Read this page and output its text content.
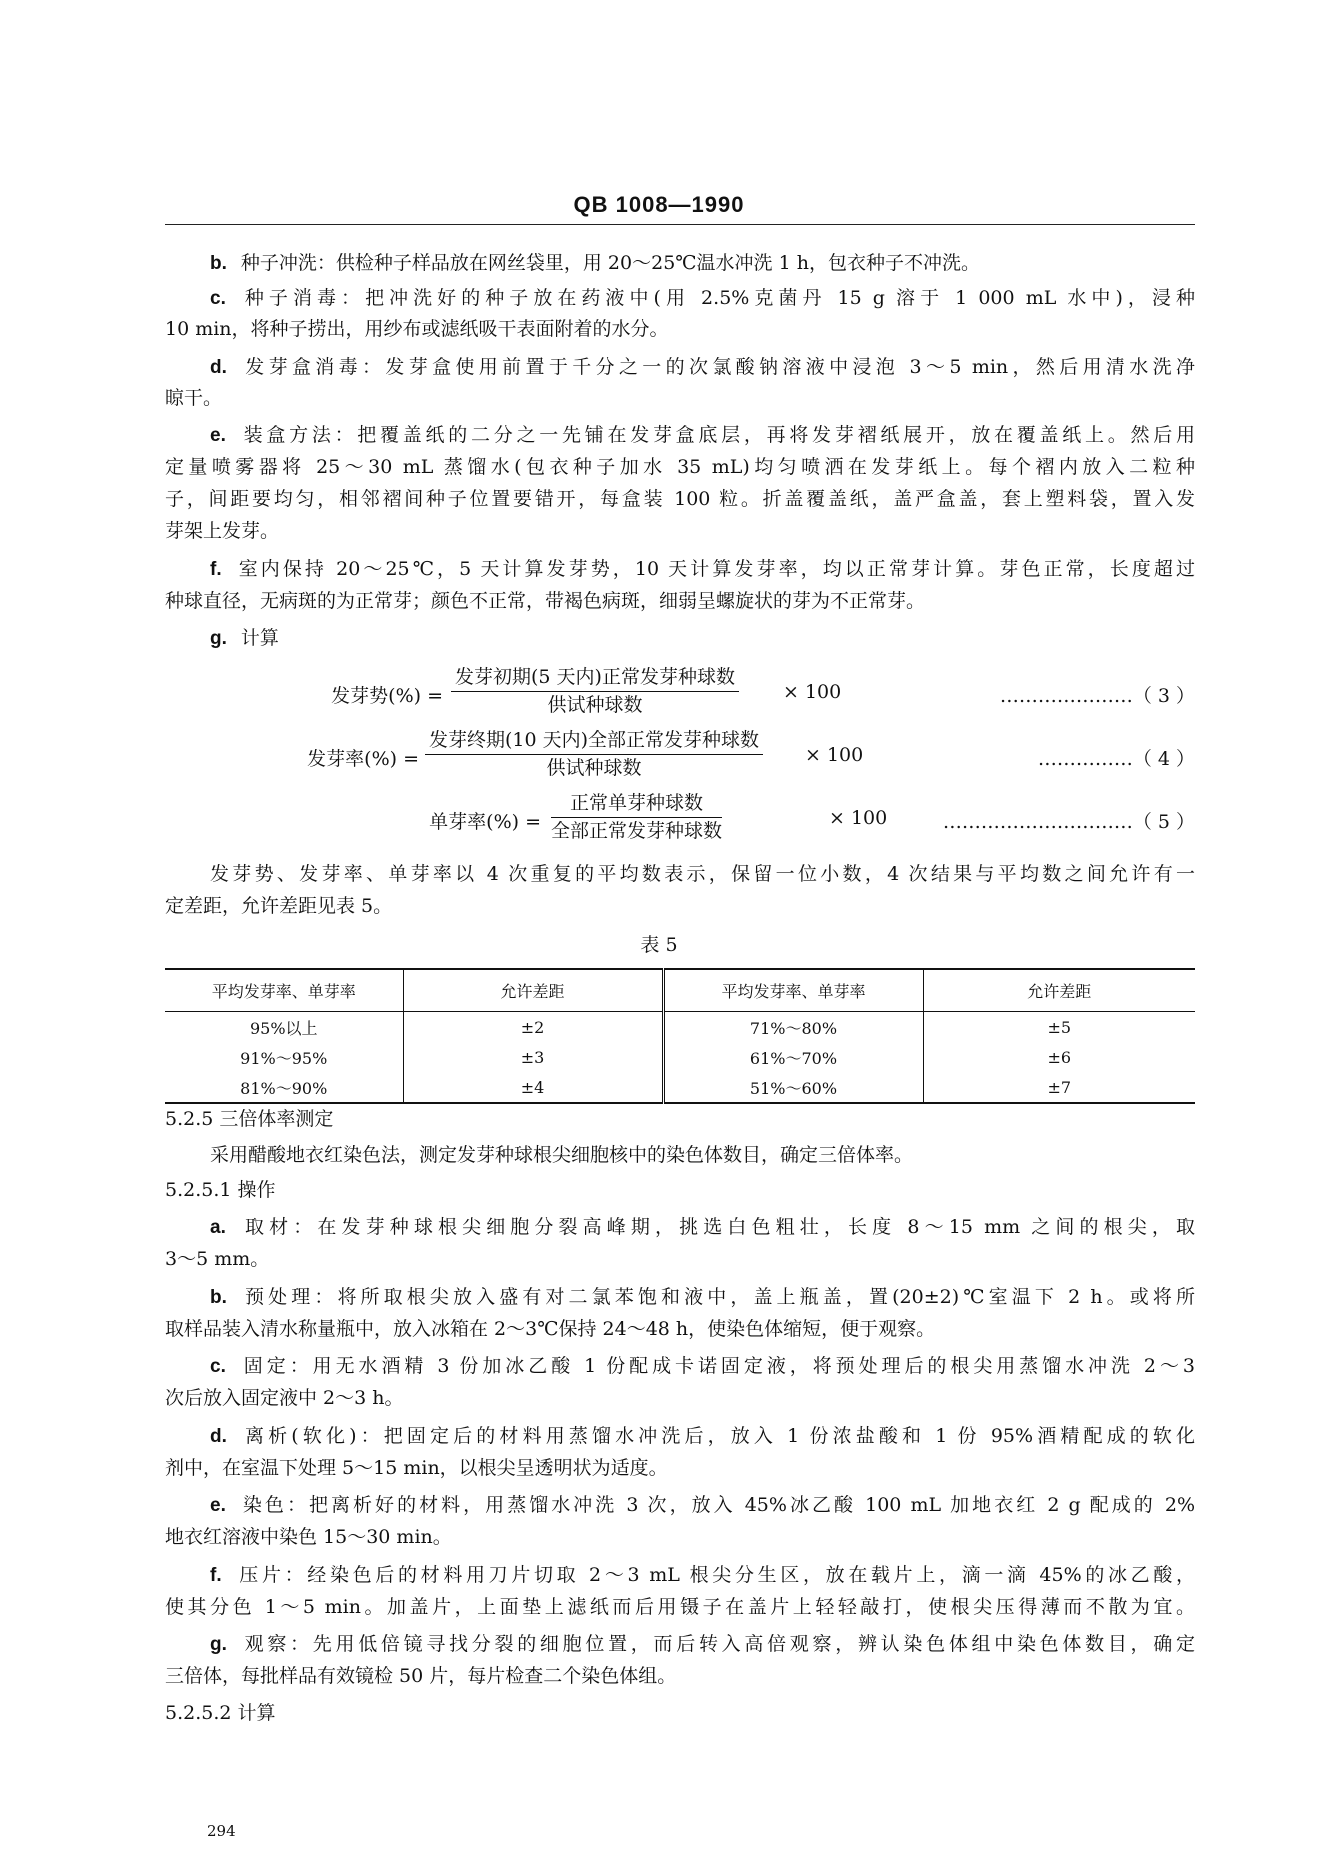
QB 1008—1990
b. 种子冲洗：供检种子样品放在网丝袋里，用 20～25℃温水冲洗 1 h，包衣种子不冲洗。
c. 种子消毒：把冲洗好的种子放在药液中(用 2.5%克菌丹 15 g 溶于 1 000 mL 水中)，浸种
10 min，将种子捞出，用纱布或滤纸吸干表面附着的水分。
d. 发芽盒消毒：发芽盒使用前置于千分之一的次氯酸钠溶液中浸泡 3～5 min，然后用清水洗净
晾干。
e. 装盒方法：把覆盖纸的二分之一先铺在发芽盒底层，再将发芽褶纸展开，放在覆盖纸上。然后用
定量喷雾器将 25～30 mL 蒸馏水(包衣种子加水 35 mL)均匀喷洒在发芽纸上。每个褶内放入二粒种
子，间距要均匀，相邻褶间种子位置要错开，每盒装 100 粒。折盖覆盖纸，盖严盒盖，套上塑料袋，置入发
芽架上发芽。
f. 室内保持 20～25℃，5 天计算发芽势，10 天计算发芽率，均以正常芽计算。芽色正常，长度超过
种球直径，无病斑的为正常芽；颜色不正常，带褐色病斑，细弱呈螺旋状的芽为不正常芽。
g. 计算
发芽势(%) =
发芽初期(5 天内)正常发芽种球数
供试种球数
× 100	…………………（ 3 ）
发芽率(%) =
发芽终期(10 天内)全部正常发芽种球数
供试种球数
× 100	……………（ 4 ）
单芽率(%) =
正常单芽种球数
全部正常发芽种球数
× 100	…………………………（ 5 ）
发芽势、发芽率、单芽率以 4 次重复的平均数表示，保留一位小数，4 次结果与平均数之间允许有一
定差距，允许差距见表 5。
表 5
平均发芽率、单芽率	允许差距	平均发芽率、单芽率	允许差距
95%以上	±2	71%～80%	±5
91%～95%	±3	61%～70%	±6
81%～90%	±4	51%～60%	±7
5.2.5 三倍体率测定
采用醋酸地衣红染色法，测定发芽种球根尖细胞核中的染色体数目，确定三倍体率。
5.2.5.1 操作
a. 取材：在发芽种球根尖细胞分裂高峰期，挑选白色粗壮，长度 8～15 mm 之间的根尖，取
3～5 mm。
b. 预处理：将所取根尖放入盛有对二氯苯饱和液中，盖上瓶盖，置(20±2)℃室温下 2 h。或将所
取样品装入清水称量瓶中，放入冰箱在 2～3℃保持 24～48 h，使染色体缩短，便于观察。
c. 固定：用无水酒精 3 份加冰乙酸 1 份配成卡诺固定液，将预处理后的根尖用蒸馏水冲洗 2～3
次后放入固定液中 2～3 h。
d. 离析(软化)：把固定后的材料用蒸馏水冲洗后，放入 1 份浓盐酸和 1 份 95%酒精配成的软化
剂中，在室温下处理 5～15 min，以根尖呈透明状为适度。
e. 染色：把离析好的材料，用蒸馏水冲洗 3 次，放入 45%冰乙酸 100 mL 加地衣红 2 g 配成的 2%
地衣红溶液中染色 15～30 min。
f. 压片：经染色后的材料用刀片切取 2～3 mL 根尖分生区，放在载片上，滴一滴 45%的冰乙酸，
使其分色 1～5 min。加盖片，上面垫上滤纸而后用镊子在盖片上轻轻敲打，使根尖压得薄而不散为宜。
g. 观察：先用低倍镜寻找分裂的细胞位置，而后转入高倍观察，辨认染色体组中染色体数目，确定
三倍体，每批样品有效镜检 50 片，每片检查二个染色体组。
5.2.5.2 计算
294
